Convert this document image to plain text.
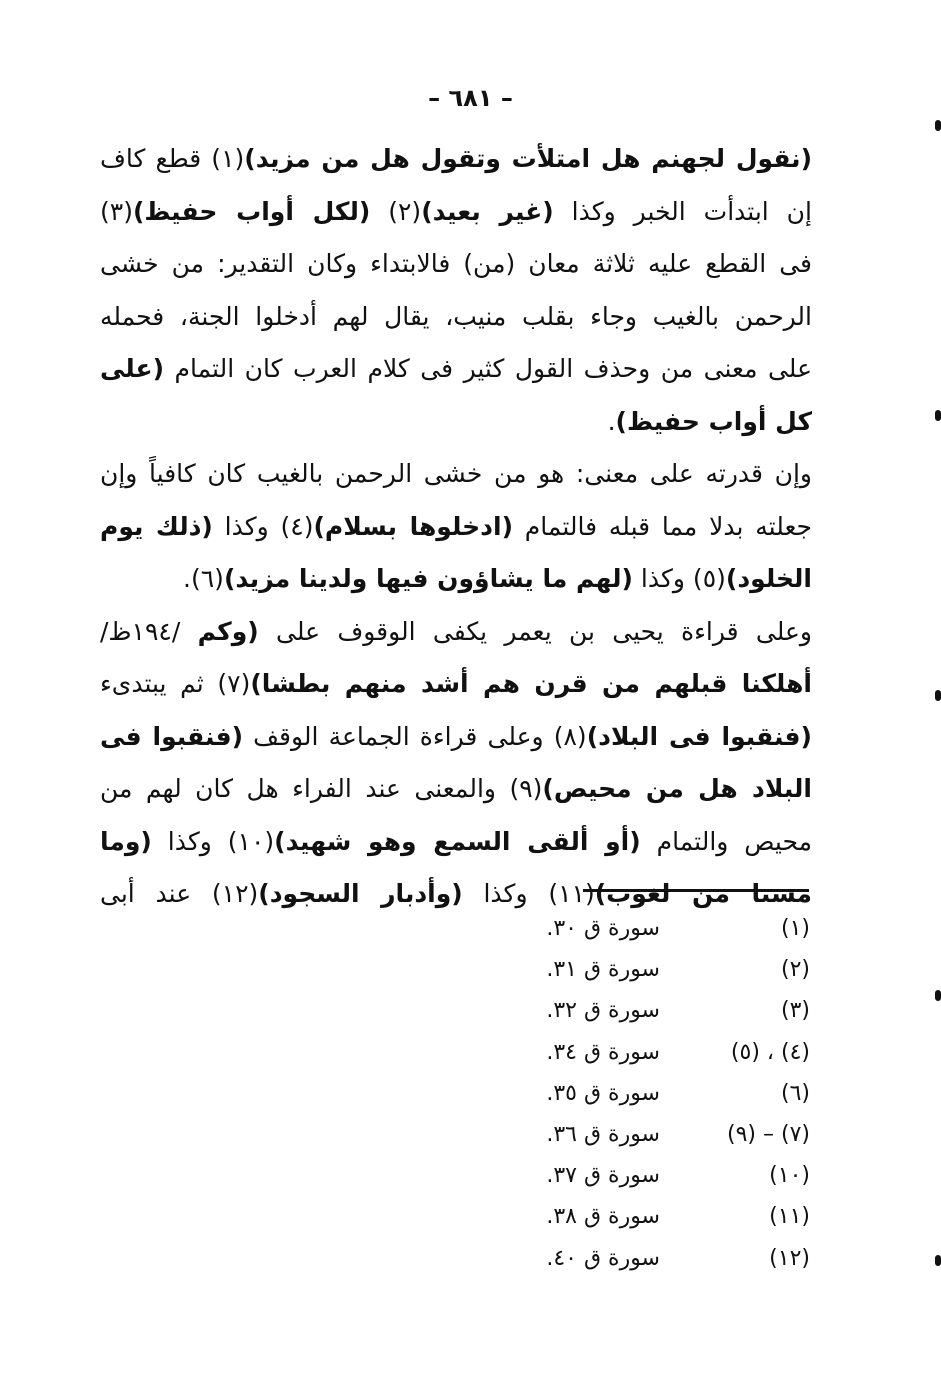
– ٦٨١ –
(نقول لجهنم هل امتلأت وتقول هل من مزيد)(١) قطع كاف
إن ابتدأت الخبر وكذا (غير بعيد)(٢) (لكل أواب حفيظ)(٣)
فى القطع عليه ثلاثة معان (من) فالابتداء وكان التقدير: من خشى
الرحمن بالغيب وجاء بقلب منيب، يقال لهم أدخلوا الجنة، فحمله
على معنى من وحذف القول كثير فى كلام العرب كان التمام (على
كل أواب حفيظ).
وإن قدرته على معنى: هو من خشى الرحمن بالغيب كان كافياً وإن
جعلته بدلا مما قبله فالتمام (ادخلوها بسلام)(٤) وكذا (ذلك يوم
الخلود)(٥) وكذا (لهم ما يشاؤون فيها ولدينا مزيد)(٦).
وعلى قراءة يحيى بن يعمر يكفى الوقوف على (وكم /١٩٤ظ/
أهلكنا قبلهم من قرن هم أشد منهم بطشا)(٧) ثم يبتدىء
(فنقبوا فى البلاد)(٨) وعلى قراءة الجماعة الوقف (فنقبوا فى
البلاد هل من محيص)(٩) والمعنى عند الفراء هل كان لهم من
محيص والتمام (أو ألقى السمع وهو شهيد)(١٠) وكذا (وما
مسنا من لغوب)(١١) وكذا (وأدبار السجود)(١٢) عند أبى
(١)
سورة ق ٣٠.
(٢)
سورة ق ٣١.
(٣)
سورة ق ٣٢.
(٤) ، (٥)
سورة ق ٣٤.
(٦)
سورة ق ٣٥.
(٧) – (٩)
سورة ق ٣٦.
(١٠)
سورة ق ٣٧.
(١١)
سورة ق ٣٨.
(١٢)
سورة ق ٤٠.
